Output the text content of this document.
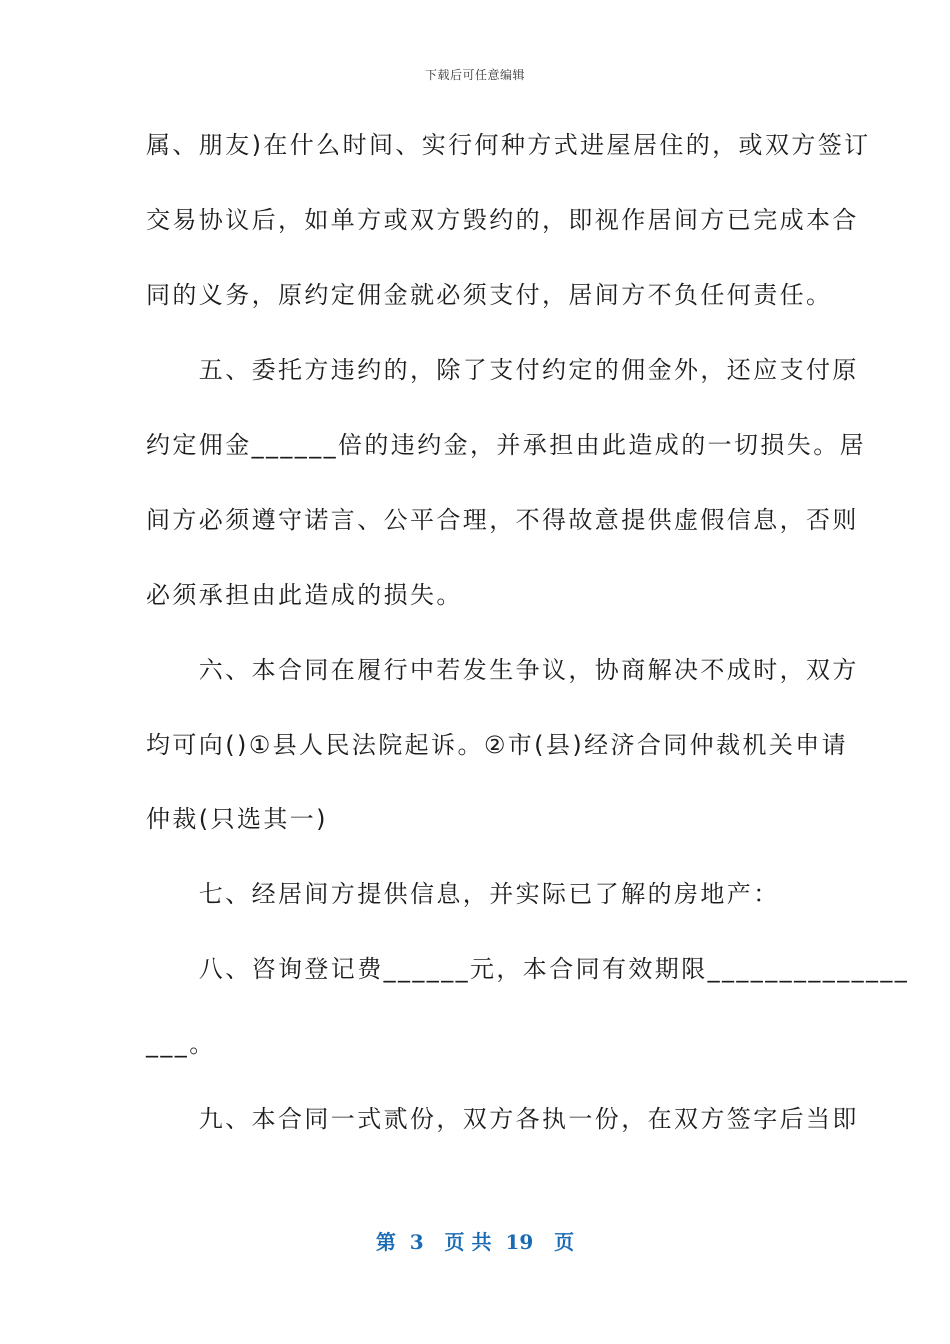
下载后可任意编辑
属、朋友)在什么时间、实行何种方式进屋居住的，或双方签订
交易协议后，如单方或双方毁约的，即视作居间方已完成本合
同的义务，原约定佣金就必须支付，居间方不负任何责任。
　　五、委托方违约的，除了支付约定的佣金外，还应支付原
约定佣金______倍的违约金，并承担由此造成的一切损失。居
间方必须遵守诺言、公平合理，不得故意提供虚假信息，否则
必须承担由此造成的损失。
　　六、本合同在履行中若发生争议，协商解决不成时，双方
均可向()①县人民法院起诉。②市(县)经济合同仲裁机关申请
仲裁(只选其一)
　　七、经居间方提供信息，并实际已了解的房地产：
　　八、咨询登记费______元，本合同有效期限______________
___。
　　九、本合同一式贰份，双方各执一份，在双方签字后当即
第  3   页 共  19   页
